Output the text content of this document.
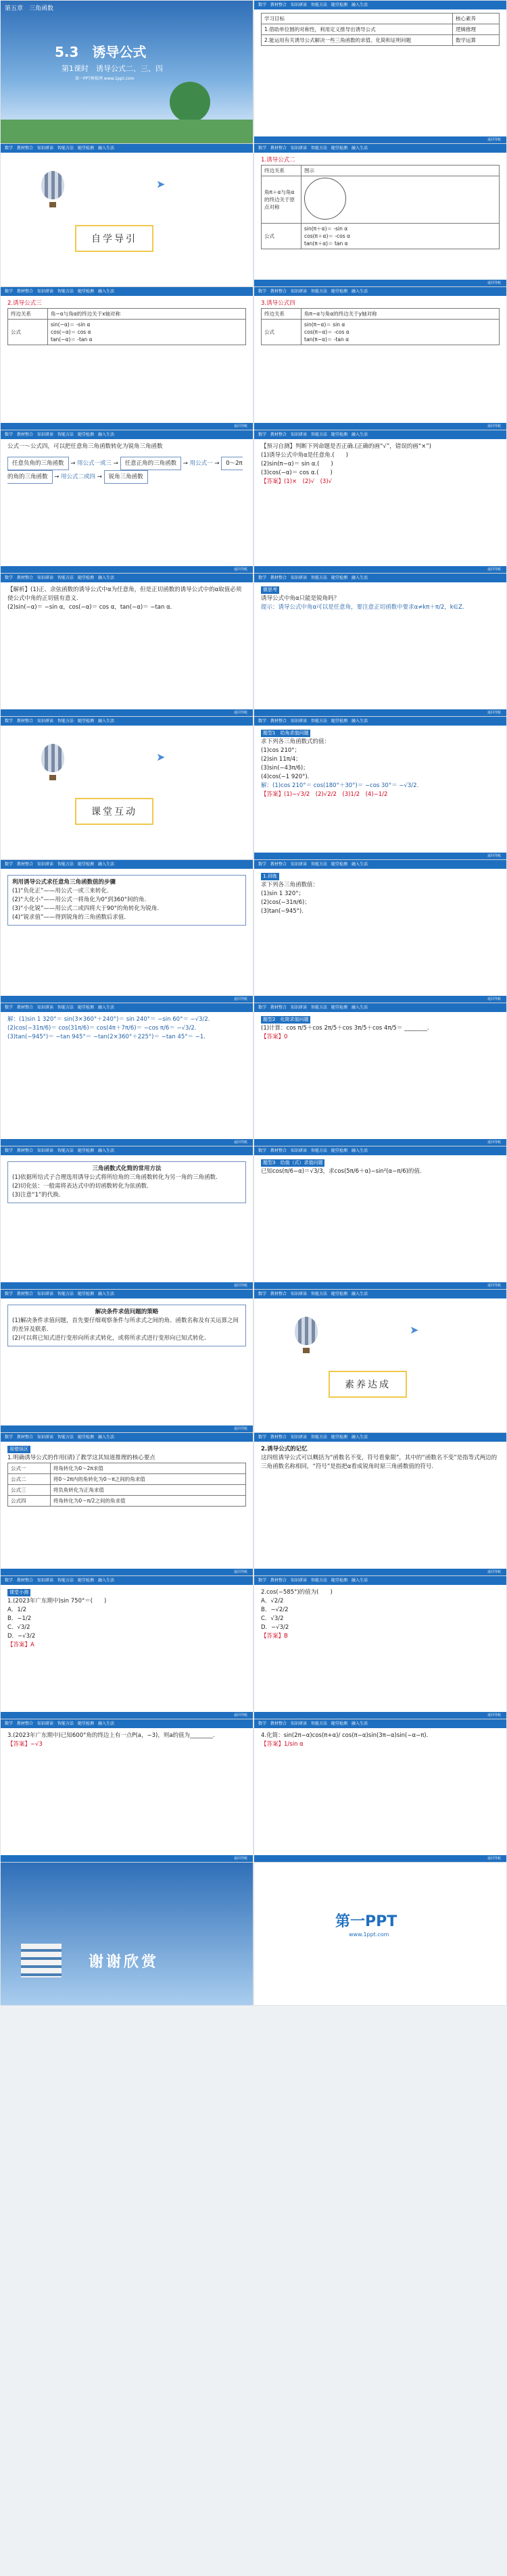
第五章　三角函数
5.3　诱导公式
第1课时　诱导公式二、三、四
第一PPT模板网 www.1ppt.com
数学　教材整合　知识研读　智能方法　随堂检测　融入生活
学习目标	核心素养
1.借助单位圆的对称性，利用定义推导出诱导公式	逻辑推理
2.能运用有关诱导公式解决一些三角函数的求值、化简和证明问题	数学运算
返回导航
数学　教材整合　知识研读　智能方法　随堂检测　融入生活
➤
自学导引
数学　教材整合　知识研读　智能方法　随堂检测　融入生活
1.诱导公式二
终边关系	图示
角π＋α与角α的终边关于原点对称	
公式	sin(π＋α)＝ -sin α
cos(π＋α)＝ -cos α
tan(π＋α)＝ tan α
返回导航
数学　教材整合　知识研读　智能方法　随堂检测　融入生活
2.诱导公式三
终边关系	角−α与角α的终边关于x轴对称
公式	sin(−α)＝ -sin α
cos(−α)＝ cos α
tan(−α)＝ -tan α
返回导航
数学　教材整合　知识研读　智能方法　随堂检测　融入生活
3.诱导公式四
终边关系	角π−α与角α的终边关于y轴对称
公式	sin(π−α)＝ sin α
cos(π−α)＝ -cos α
tan(π−α)＝ -tan α
返回导航
数学　教材整合　知识研读　智能方法　随堂检测　融入生活
公式一～公式四，可以把任意角三角函数转化为锐角三角函数
任意负角的三角函数 → 用公式一或三 → 任意正角的三角函数 → 用公式一 → 0～2π的角的三角函数 → 用公式二或四 → 锐角三角函数
返回导航
数学　教材整合　知识研读　智能方法　随堂检测　融入生活
【预习自测】判断下列命题是否正确.(正确的画“√”，错误的画“×”)
(1)诱导公式中角α是任意角.(　　)
(2)sin(π−α)＝ sin α.(　　)
(3)cos(−α)＝ cos α.(　　)
【答案】(1)×　(2)√　(3)√
返回导航
数学　教材整合　知识研读　智能方法　随堂检测　融入生活
【解析】(1)正、余弦函数的诱导公式中α为任意角，但是正切函数的诱导公式中的α取值必须使公式中角的正切值有意义.
(2)sin(−α)＝ −sin α，cos(−α)＝ cos α，tan(−α)＝ −tan α.
返回导航
数学　教材整合　知识研读　智能方法　随堂检测　融入生活
微思考
诱导公式中角α只能是锐角吗？
提示：诱导公式中角α可以是任意角，要注意正切函数中要求α≠kπ＋π/2，k∈Z.
返回导航
数学　教材整合　知识研读　智能方法　随堂检测　融入生活
➤
课堂互动
数学　教材整合　知识研读　智能方法　随堂检测　融入生活
题型1　给角求值问题
求下列各三角函数式的值：
(1)cos 210°；
(2)sin 11π/4；
(3)sin(−43π/6)；
(4)cos(−1 920°).
解：(1)cos 210°＝ cos(180°＋30°)＝ −cos 30°＝ −√3/2.
【答案】(1)−√3/2　(2)√2/2　(3)1/2　(4)−1/2
返回导航
数学　教材整合　知识研读　智能方法　随堂检测　融入生活
利用诱导公式求任意角三角函数值的步骤
(1)“负化正”——用公式一或三来转化.
(2)“大化小”——用公式一将角化为0°到360°间的角.
(3)“小化锐”——用公式二或四将大于90°的角转化为锐角.
(4)“锐求值”——得到锐角的三角函数后求值.
返回导航
数学　教材整合　知识研读　智能方法　随堂检测　融入生活
1.训练
求下列各三角函数值：
(1)sin 1 320°；
(2)cos(−31π/6)；
(3)tan(−945°).
返回导航
数学　教材整合　知识研读　智能方法　随堂检测　融入生活
解：(1)sin 1 320°＝ sin(3×360°＋240°)＝ sin 240°＝ −sin 60°＝ −√3/2.
(2)cos(−31π/6)＝ cos(31π/6)＝ cos(4π＋7π/6)＝ −cos π/6＝ −√3/2.
(3)tan(−945°)＝ −tan 945°＝ −tan(2×360°＋225°)＝ −tan 45°＝ −1.
返回导航
数学　教材整合　知识研读　智能方法　随堂检测　融入生活
题型2　化简求值问题
(1)计算：cos π/5＋cos 2π/5＋cos 3π/5＋cos 4π/5＝ ________.
【答案】0
返回导航
数学　教材整合　知识研读　智能方法　随堂检测　融入生活
三角函数式化简的常用方法
(1)依据所给式子合理选用诱导公式将所给角的三角函数转化为另一角的三角函数.
(2)切化弦：一般需将表达式中的切函数转化为弦函数.
(3)注意“1”的代换.
返回导航
数学　教材整合　知识研读　智能方法　随堂检测　融入生活
题型3　给值（式）求值问题
已知cos(π/6−α)＝√3/3，求cos(5π/6＋α)−sin²(α−π/6)的值.
返回导航
数学　教材整合　知识研读　智能方法　随堂检测　融入生活
解决条件求值问题的策略
(1)解决条件求值问题，首先要仔细观察条件与所求式之间的角、函数名称及有关运算之间的差异及联系.
(2)可以将已知式进行变形向所求式转化，或将所求式进行变形向已知式转化.
返回导航
数学　教材整合　知识研读　智能方法　随堂检测　融入生活
➤
素养达成
数学　教材整合　知识研读　智能方法　随堂检测　融入生活
易错误区
1.明确诱导公式的作用(请)了教学这其知道推理的核心要点
公式一	将角转化为0～2π求值
公式二	将0～2π内的角转化为0～π之间的角求值
公式三	将负角转化为正角求值
公式四	将角转化为0～π/2之间的角求值
返回导航
数学　教材整合　知识研读　智能方法　随堂检测　融入生活
2.诱导公式的记忆
这四组诱导公式可以概括为“函数名不变，符号看象限”，其中的“函数名不变”是指等式两边的三角函数名称相同，“符号”是指把α看成锐角时原三角函数值的符号.
返回导航
数学　教材整合　知识研读　智能方法　随堂检测　融入生活
课堂小测
1.(2023年广东期中)sin 750°＝(　　)
A．1/2
B．−1/2
C．√3/2
D．−√3/2
【答案】A
返回导航
数学　教材整合　知识研读　智能方法　随堂检测　融入生活
2.cos(−585°)的值为(　　)
A．√2/2
B．−√2/2
C．√3/2
D．−√3/2
【答案】B
返回导航
数学　教材整合　知识研读　智能方法　随堂检测　融入生活
3.(2023年广东期中)已知600°角的终边上有一点P(a，−3)，则a的值为________.
【答案】−√3
返回导航
数学　教材整合　知识研读　智能方法　随堂检测　融入生活
4.化简：sin(2π−α)cos(π+α)/ cos(π−α)sin(3π−α)sin(−α−π)．
【答案】1/sin α
返回导航
谢谢欣赏
第一PPT
www.1ppt.com
